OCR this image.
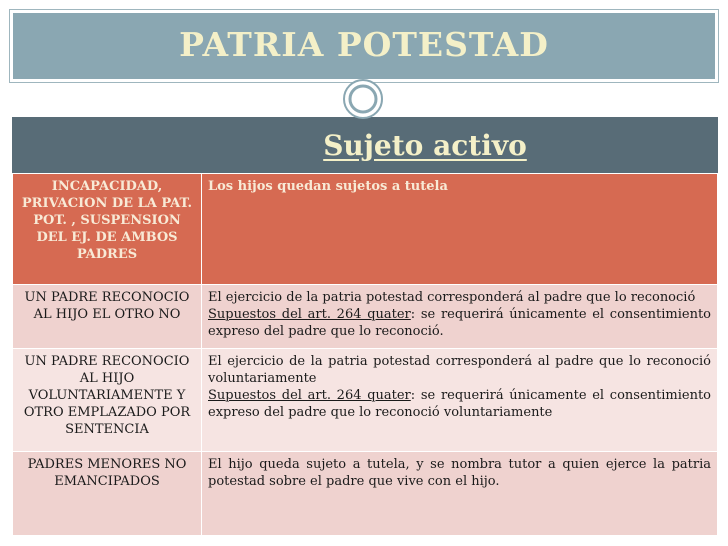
PATRIA POTESTAD
Sujeto activo
INCAPACIDAD, PRIVACION DE LA PAT. POT. , SUSPENSION DEL EJ. DE AMBOS PADRES	Los hijos quedan sujetos a tutela
UN PADRE RECONOCIO AL HIJO EL OTRO NO	El ejercicio de la patria potestad corresponderá al padre que lo reconoció
Supuestos del art. 264 quater: se requerirá únicamente el consentimiento expreso del padre que lo reconoció.
UN PADRE RECONOCIO AL HIJO VOLUNTARIAMENTE Y OTRO EMPLAZADO POR SENTENCIA	El ejercicio de la patria potestad corresponderá al padre que lo reconoció voluntariamente
Supuestos del art. 264 quater: se requerirá únicamente el consentimiento expreso del padre que lo reconoció voluntariamente
PADRES MENORES NO EMANCIPADOS	El hijo queda sujeto a tutela, y se nombra tutor a quien ejerce la patria potestad sobre el padre que vive con el hijo.
